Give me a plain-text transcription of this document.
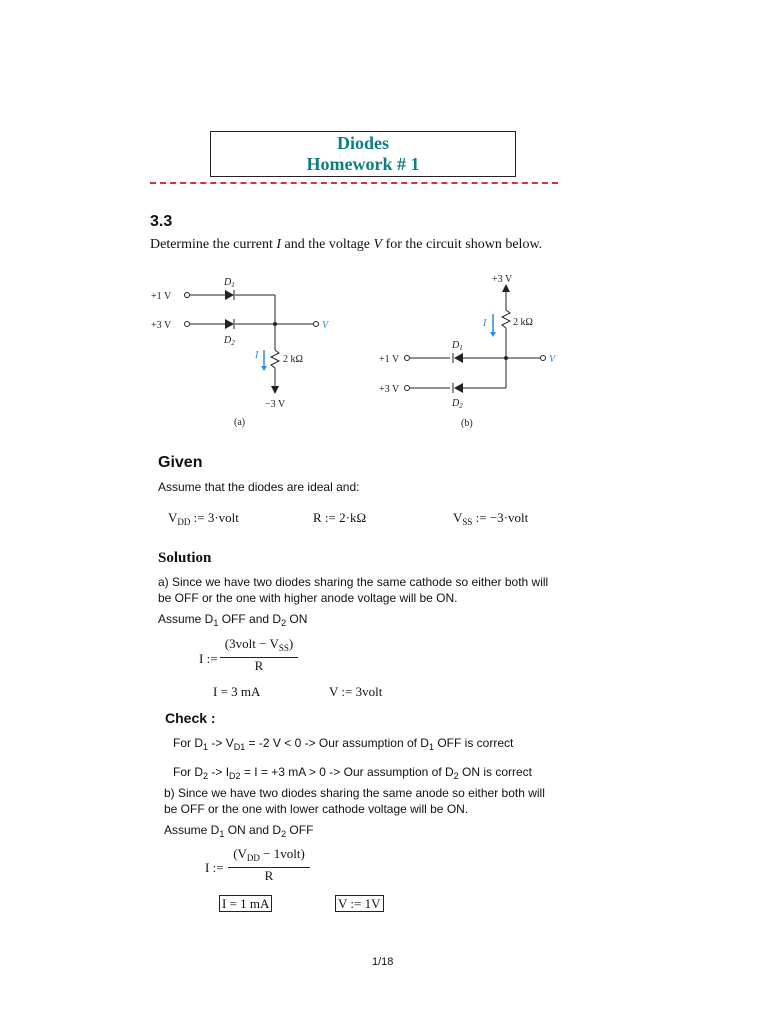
Diodes
Homework # 1
3.3
Determine the current I and the voltage V for the circuit shown below.
+1 V
+3 V
$D_1$
$D_2$
2 kΩ
I
V
−3 V
(a)
+3 V
2 kΩ
I
$D_1$
$D_2$
+1 V
+3 V
V
(b)
Given
Assume that the diodes are ideal and:
$V_{DD}$ := 3·volt	R := 2·kΩ	$V_{SS}$ := −3·volt
Solution
a) Since we have two diodes sharing the same cathode so either both will
be OFF or the one with higher anode voltage will be ON.
Assume $D_1$ OFF and $D_2$ ON
I :=
(3volt − $V_{SS}$)
R
I = 3 mA	V := 3volt
Check :
For $D_1 -> V_{D1} = -2$ V < 0 -> Our assumption of $D_1$ OFF is correct
For $D_2 -> I_{D2} = I = +3$ mA > 0 -> Our assumption of $D_2$ ON is correct
b) Since we have two diodes sharing the same anode so either both will
be OFF or the one with lower cathode voltage will be ON.
Assume $D_1$ ON and $D_2$ OFF
I :=
($V_{DD}$ − 1volt)
R
I = 1 mA	V := 1V
1/18
